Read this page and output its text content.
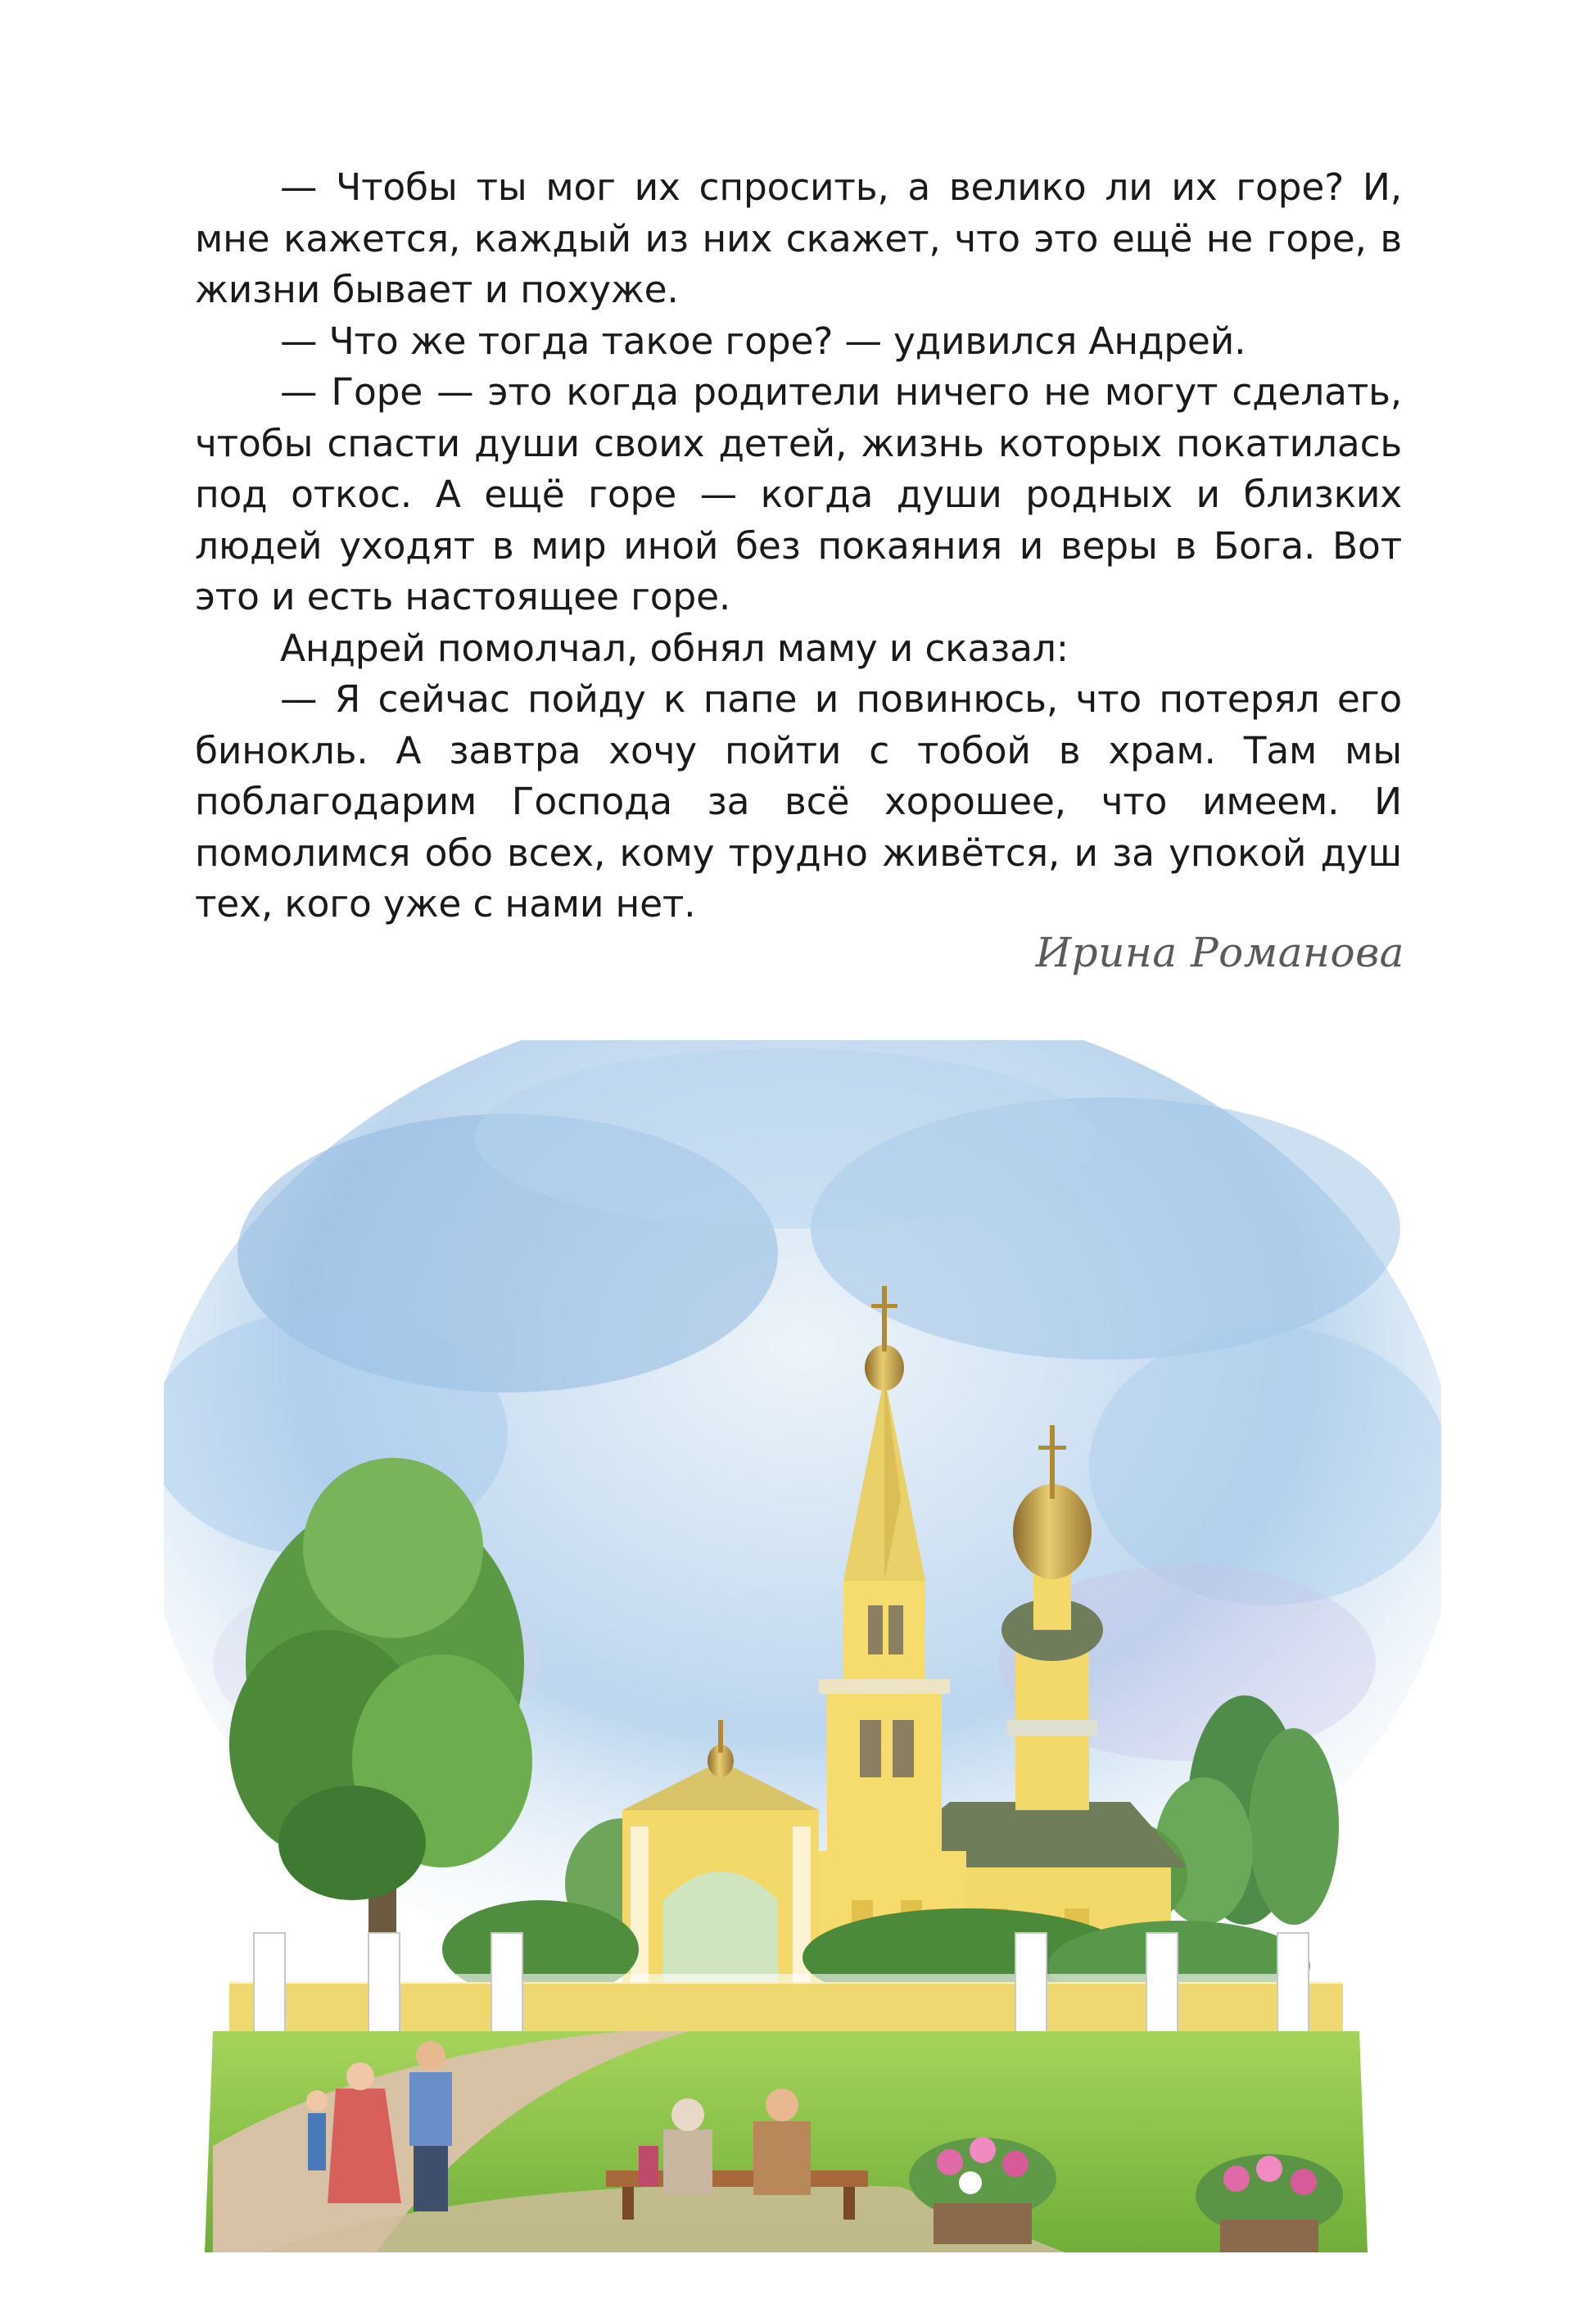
— Чтобы ты мог их спросить, а велико ли их горе? И, мне кажется, каждый из них скажет, что это ещё не горе, в жизни бывает и похуже.

— Что же тогда такое горе? — удивился Андрей.

— Горе — это когда родители ничего не могут сделать, чтобы спасти души своих детей, жизнь которых покатилась под откос. А ещё горе — когда души родных и близких людей уходят в мир иной без покаяния и веры в Бога. Вот это и есть настоящее горе.

Андрей помолчал, обнял маму и сказал:

— Я сейчас пойду к папе и повинюсь, что потерял его бинокль. А завтра хочу пойти с тобой в храм. Там мы поблагодарим Господа за всё хорошее, что имеем. И помолимся обо всех, кому трудно живётся, и за упокой душ тех, кого уже с нами нет.

Ирина Романова
